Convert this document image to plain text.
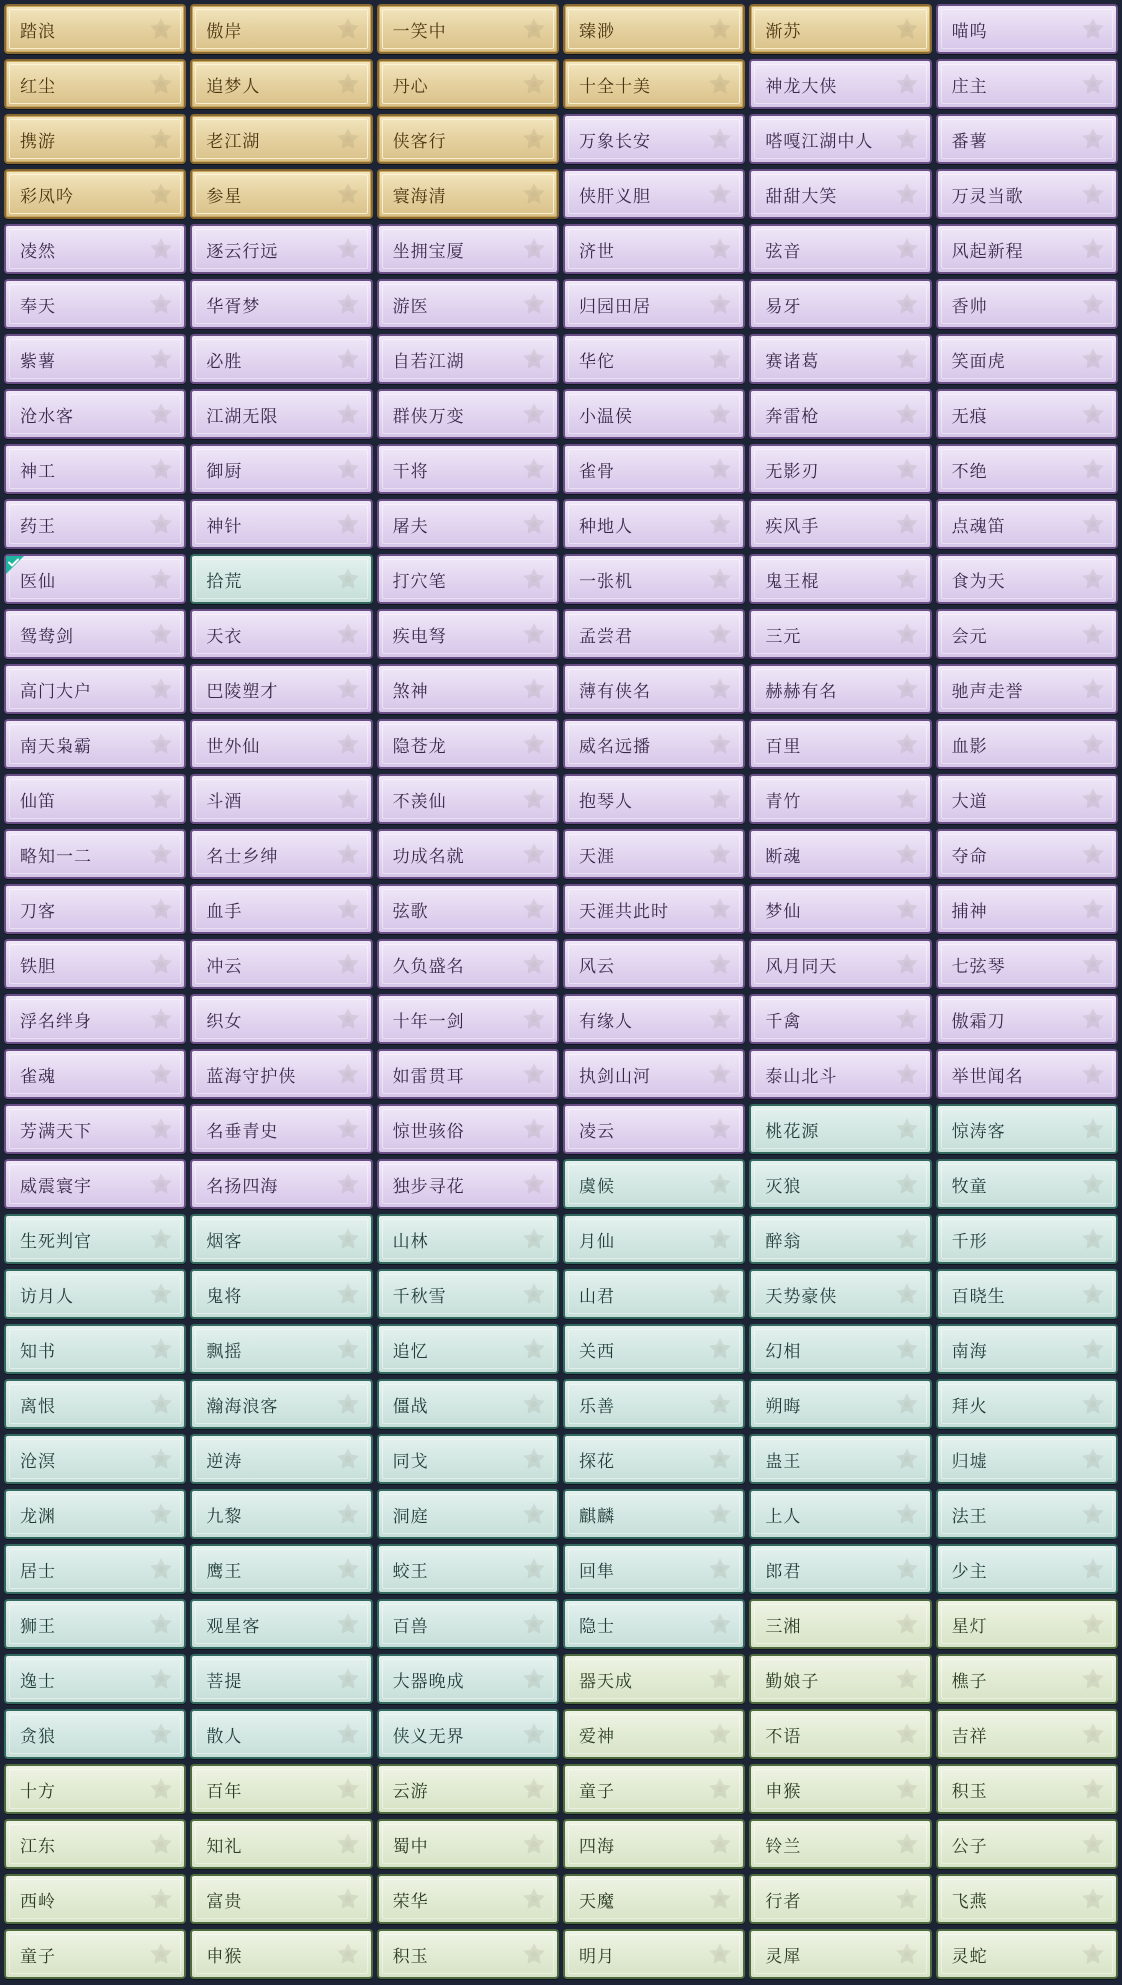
踏浪	傲岸	一笑中	臻渺	渐苏	喵呜
红尘	追梦人	丹心	十全十美	神龙大侠	庄主
携游	老江湖	侠客行	万象长安	嗒嘎江湖中人	番薯
彩凤吟	参星	寰海清	侠肝义胆	甜甜大笑	万灵当歌
凌然	逐云行远	坐拥宝厦	济世	弦音	风起新程
奉天	华胥梦	游医	归园田居	易牙	香帅
紫薯	必胜	自若江湖	华佗	赛诸葛	笑面虎
沧水客	江湖无限	群侠万变	小温侯	奔雷枪	无痕
神工	御厨	干将	雀骨	无影刃	不绝
药王	神针	屠夫	种地人	疾风手	点魂笛
医仙	拾荒	打穴笔	一张机	鬼王棍	食为天
鸳鸯剑	天衣	疾电弩	孟尝君	三元	会元
高门大户	巴陵塑才	煞神	薄有侠名	赫赫有名	驰声走誉
南天枭霸	世外仙	隐苍龙	威名远播	百里	血影
仙笛	斗酒	不羡仙	抱琴人	青竹	大道
略知一二	名士乡绅	功成名就	天涯	断魂	夺命
刀客	血手	弦歌	天涯共此时	梦仙	捕神
铁胆	冲云	久负盛名	风云	风月同天	七弦琴
浮名绊身	织女	十年一剑	有缘人	千禽	傲霜刀
雀魂	蓝海守护侠	如雷贯耳	执剑山河	泰山北斗	举世闻名
芳满天下	名垂青史	惊世骇俗	凌云	桃花源	惊涛客
威震寰宇	名扬四海	独步寻花	虞候	灭狼	牧童
生死判官	烟客	山林	月仙	醉翁	千形
访月人	鬼将	千秋雪	山君	天势豪侠	百晓生
知书	飘摇	追忆	关西	幻相	南海
离恨	瀚海浪客	僵战	乐善	朔晦	拜火
沧溟	逆涛	同戈	探花	蛊王	归墟
龙渊	九黎	洞庭	麒麟	上人	法王
居士	鹰王	蛟王	回隼	郎君	少主
狮王	观星客	百兽	隐士	三湘	星灯
逸士	菩提	大器晚成	器天成	勤娘子	樵子
贪狼	散人	侠义无界	爱神	不语	吉祥
十方	百年	云游	童子	申猴	积玉
江东	知礼	蜀中	四海	铃兰	公子
西岭	富贵	荣华	天魔	行者	飞燕
童子	申猴	积玉	明月	灵犀	灵蛇
时
